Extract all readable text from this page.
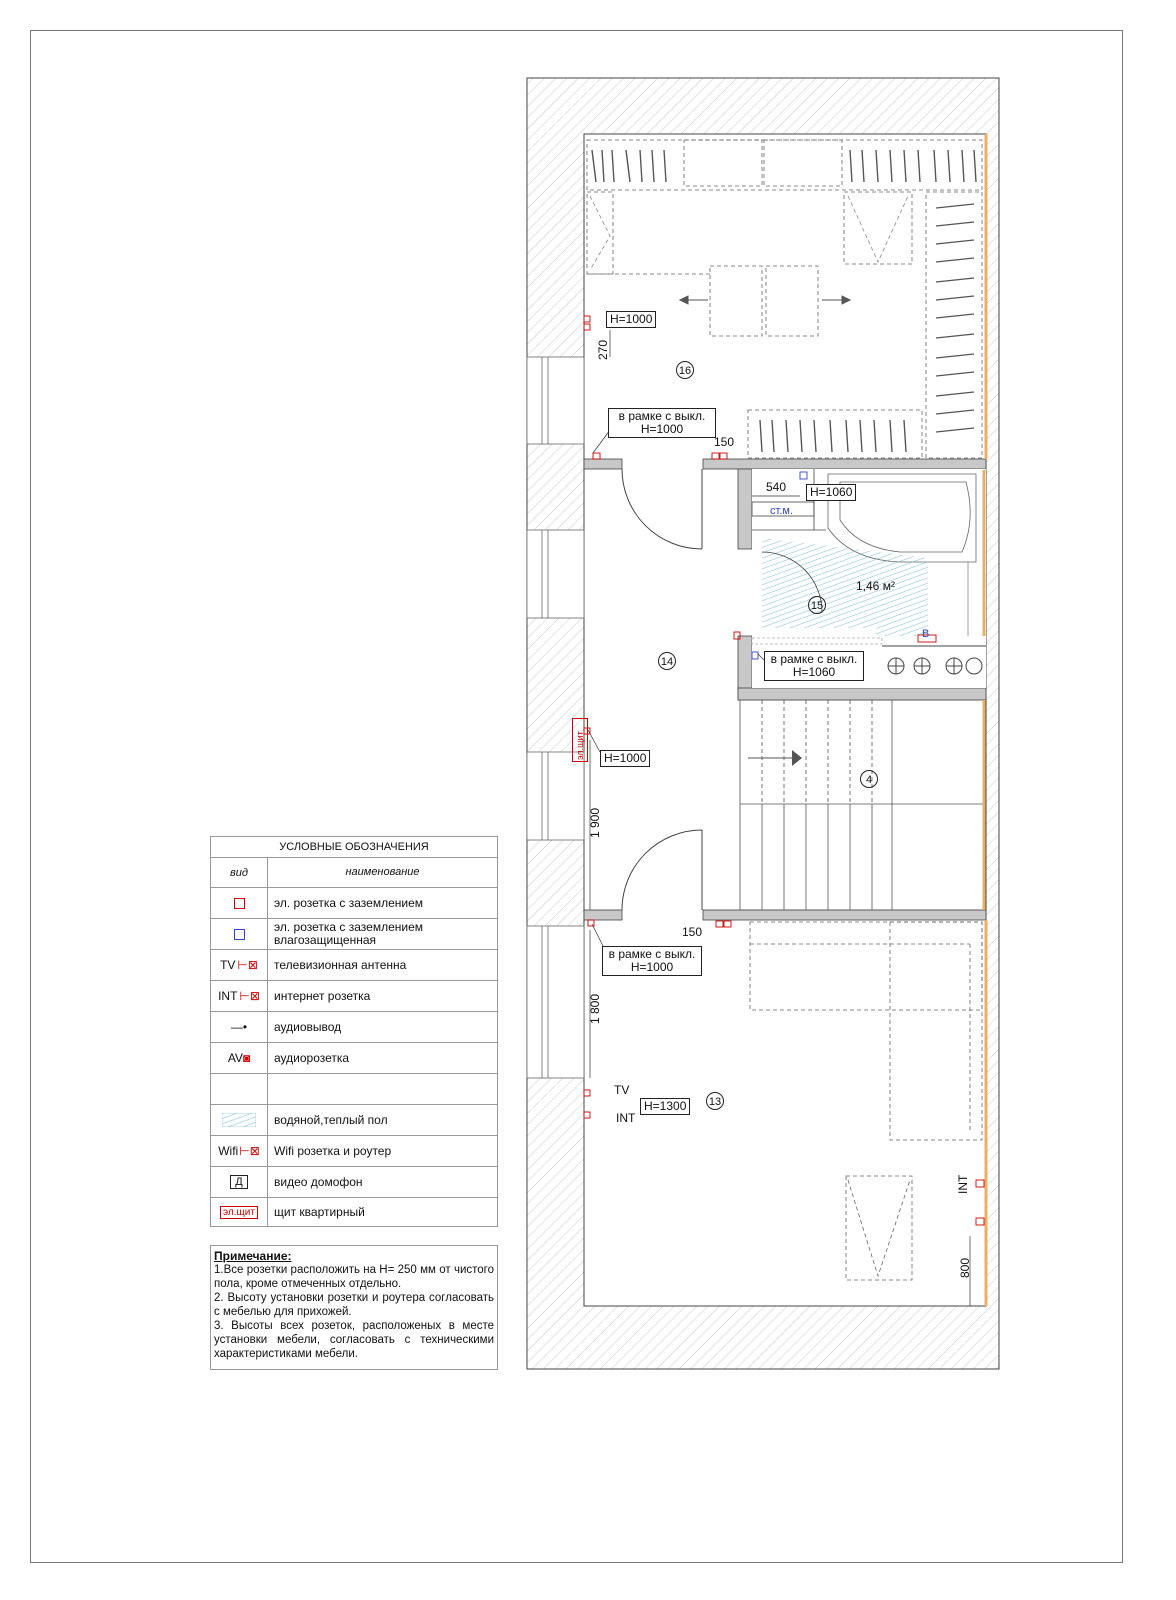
H=1000
270
16
в рамке с выкл.
H=1000
150
540	H=1060
ст.м.
1,46 м²
15
В
в рамке с выкл.
H=1060
14
эл.щит	H=1000
4
1 900
150
в рамке с выкл.
H=1000
1 800
TV
INT
H=1300	13
INT
800
УСЛОВНЫЕ ОБОЗНАЧЕНИЯ
вид	наименование
эл. розетка с заземлением
эл. розетка с заземлением влагозащищенная
TV ⊢⊠	телевизионная антенна
INT ⊢⊠	интернет розетка
—•	аудиовывод
AV ◙	аудиорозетка
водяной,теплый пол
Wifi ⊢⊠	Wifi розетка и роутер
Д	видео домофон
эл.щит	щит квартирный
Примечание:

1.Все розетки расположить на H= 250 мм от чистого пола, кроме отмеченных отдельно.

2. Высоту установки розетки и роутера согласовать с мебелью для прихожей.

3. Высоты всех розеток, расположеных в месте установки мебели, согласовать с техническими характеристиками мебели.
